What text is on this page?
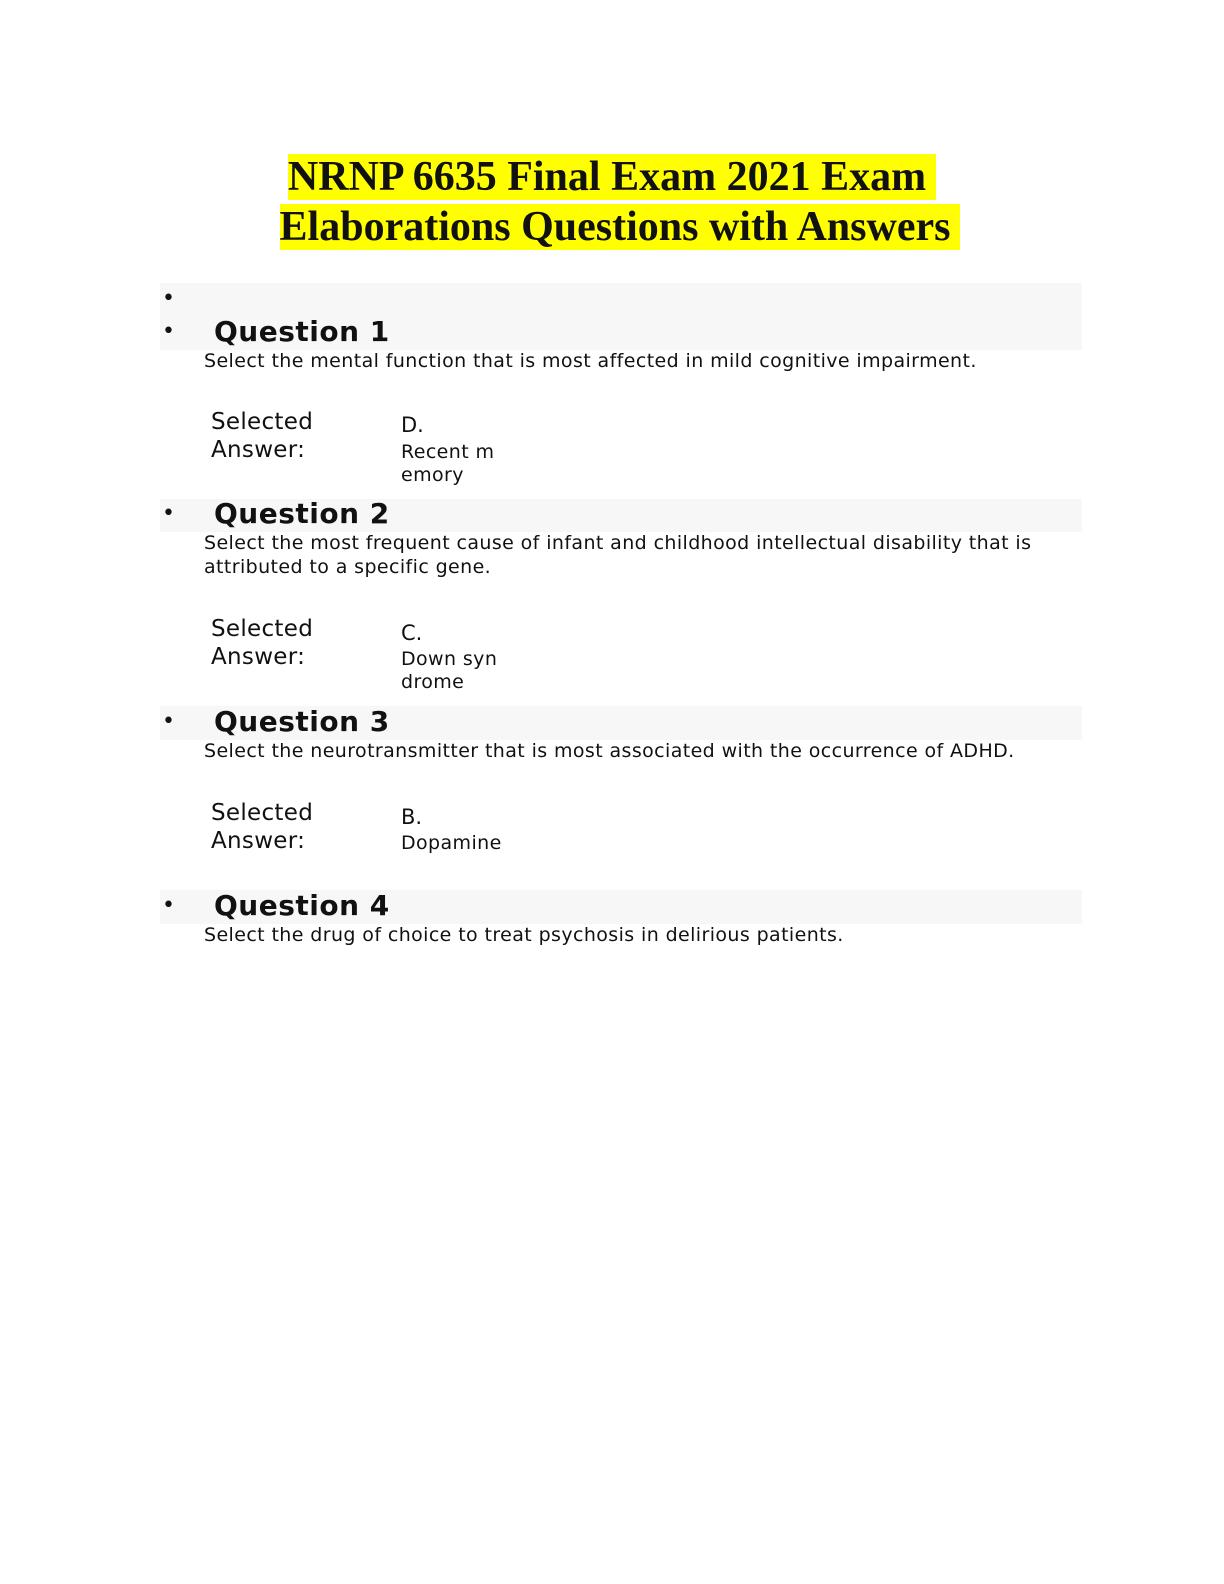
NRNP 6635 Final Exam 2021 Exam
Elaborations Questions with Answers
•
• Question 1
Select the mental function that is most affected in mild cognitive impairment.
Selected Answer:
D.
Recent memory
• Question 2
Select the most frequent cause of infant and childhood intellectual disability that is attributed to a specific gene.
Selected Answer:
C.
Down syndrome
• Question 3
Select the neurotransmitter that is most associated with the occurrence of ADHD.
Selected Answer:
B.
Dopamine
• Question 4
Select the drug of choice to treat psychosis in delirious patients.
